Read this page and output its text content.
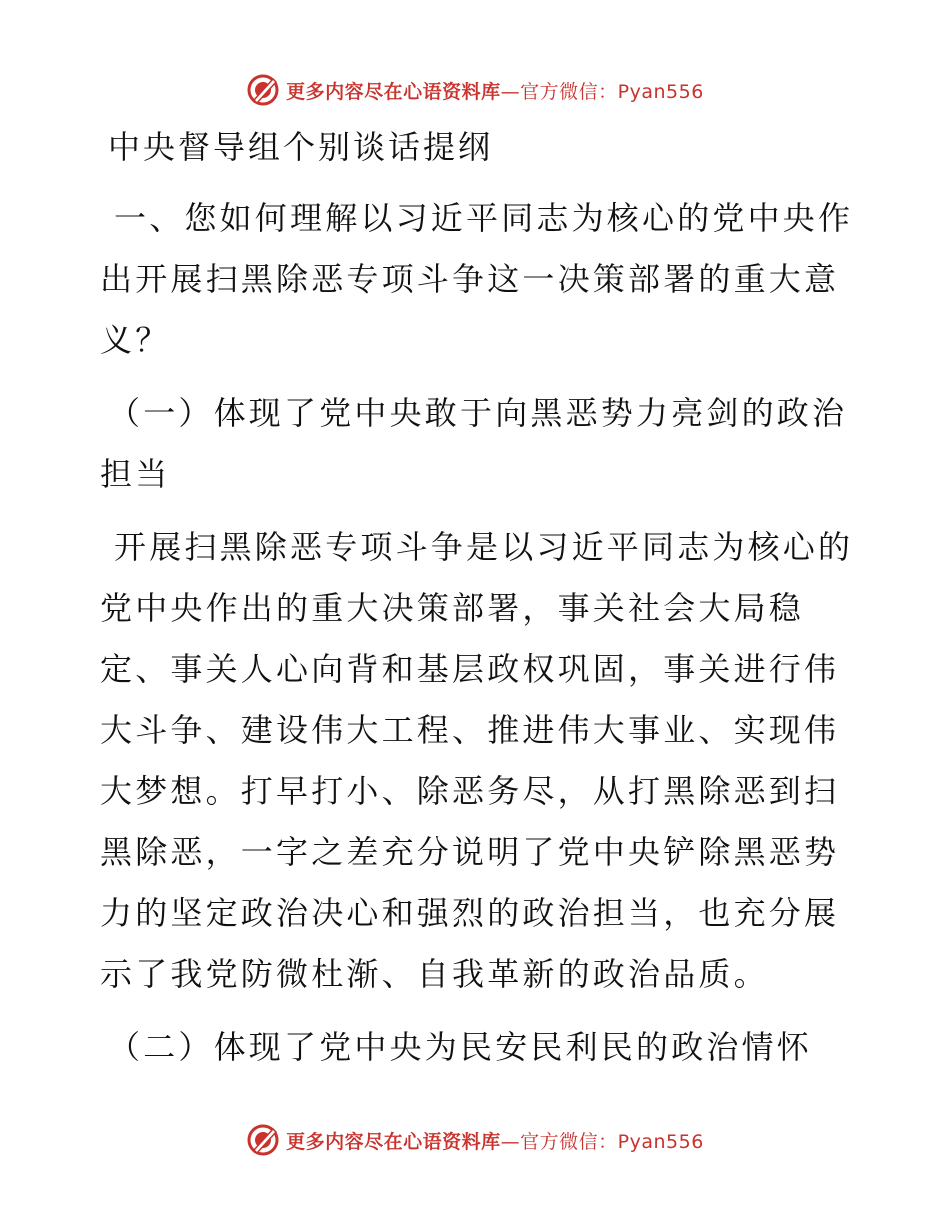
更多内容尽在心语资料库—官方微信：Pyan556
中央督导组个别谈话提纲

一、您如何理解以习近平同志为核心的党中央作出开展扫黑除恶专项斗争这一决策部署的重大意义？

（一）体现了党中央敢于向黑恶势力亮剑的政治担当

开展扫黑除恶专项斗争是以习近平同志为核心的党中央作出的重大决策部署，事关社会大局稳定、事关人心向背和基层政权巩固，事关进行伟大斗争、建设伟大工程、推进伟大事业、实现伟大梦想。打早打小、除恶务尽，从打黑除恶到扫黑除恶，一字之差充分说明了党中央铲除黑恶势力的坚定政治决心和强烈的政治担当，也充分展示了我党防微杜渐、自我革新的政治品质。

（二）体现了党中央为民安民利民的政治情怀

更多内容尽在心语资料库—官方微信：Pyan556
